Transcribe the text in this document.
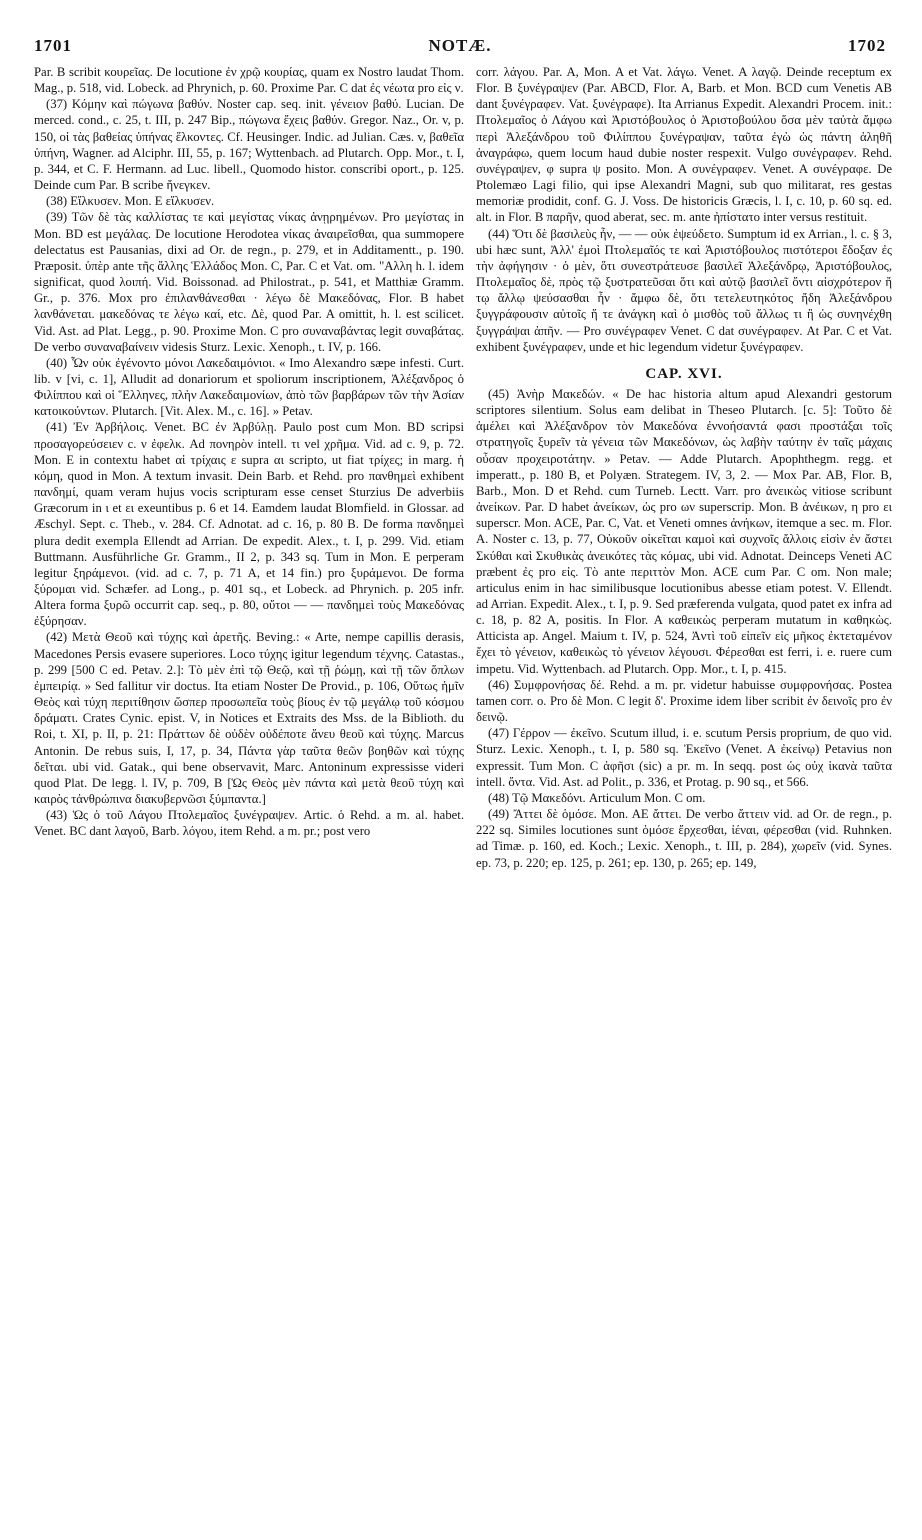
1701	NOTÆ.	1702

Par. B scribit κουρεῖας. De locutione ἐν χρῷ κουρίας, quam ex Nostro laudat Thom. Mag., p. 518, vid. Lobeck. ad Phrynich, p. 60. Proxime Par. C dat ἐς νέωτα pro εἰς ν.

(37) Κόμην καὶ πώγωνα βαθύν. Noster cap. seq. init. γένειον βαθύ. Lucian. De merced. cond., c. 25, t. III, p. 247 Bip., πώγωνα ἔχεις βαθύν. Gregor. Naz., Or. v, p. 150, οἱ τὰς βαθείας ὑπήνας ἕλκοντες. Cf. Heusinger. Indic. ad Julian. Cæs. v, βαθεῖα ὑπήνη, Wagner. ad Alciphr. III, 55, p. 167; Wyttenbach. ad Plutarch. Opp. Mor., t. I, p. 344, et C. F. Hermann. ad Luc. libell., Quomodo histor. conscribi oport., p. 125. Deinde cum Par. B scribe ἤνεγκεν.

(38) Εἵλκυσεν. Mon. E εἵλκυσεν.

(39) Τῶν δὲ τὰς καλλίστας τε καὶ μεγίστας νίκας ἀνῃρημένων. Pro μεγίστας in Mon. BD est μεγάλας. De locutione Herodotea νίκας ἀναιρεῖσθαι, qua summopere delectatus est Pausanias, dixi ad Or. de regn., p. 279, et in Additamentt., p. 190. Præposit. ὑπὲρ ante τῆς ἄλλης Ἑλλάδος Mon. C, Par. C et Vat. om. "Αλλη h. l. idem significat, quod λοιπή. Vid. Boissonad. ad Philostrat., p. 541, et Matthiæ Gramm. Gr., p. 376. Mox pro ἐπιλανθάνεσθαι · λέγω δὲ Μακεδόνας, Flor. B habet λανθάνεται. μακεδόνας τε λέγω καί, etc. Δὲ, quod Par. A omittit, h. l. est scilicet. Vid. Ast. ad Plat. Legg., p. 90. Proxime Mon. C pro συναναβάντας legit συναβάτας. De verbo συναναβαίνειν videsis Sturz. Lexic. Xenoph., t. IV, p. 166.

(40) Ὧν οὐκ ἐγένοντο μόνοι Λακεδαιμόνιοι. « Imo Alexandro sæpe infesti. Curt. lib. v [vi, c. 1], Alludit ad donariorum et spoliorum inscriptionem, Ἀλέξανδρος ὁ Φιλίππου καὶ οἱ Ἕλληνες, πλὴν Λακεδαιμονίων, ἀπὸ τῶν βαρβάρων τῶν τὴν Ἀσίαν κατοικούντων. Plutarch. [Vit. Alex. M., c. 16]. » Petav.

(41) Ἐν Ἀρβήλοις. Venet. BC ἐν Ἀρβύλῃ. Paulo post cum Mon. BD scripsi προσαγορεύσειεν c. ν ἐφελκ. Ad πονηρὸν intell. τι vel χρῆμα. Vid. ad c. 9, p. 72. Mon. E in contextu habet αἱ τρίχαις ε supra αι scripto, ut fiat τρίχες; in marg. ἡ κόμη, quod in Mon. A textum invasit. Dein Barb. et Rehd. pro πανθημεὶ exhibent πανδημί, quam veram hujus vocis scripturam esse censet Sturzius De adverbiis Græcorum in ι et ει exeuntibus p. 6 et 14. Eamdem laudat Blomfield. in Glossar. ad Æschyl. Sept. c. Theb., v. 284. Cf. Adnotat. ad c. 16, p. 80 B. De forma πανδημεὶ plura dedit exempla Ellendt ad Arrian. De expedit. Alex., t. I, p. 299. Vid. etiam Buttmann. Ausführliche Gr. Gramm., II 2, p. 343 sq. Tum in Mon. E perperam legitur ξηράμενοι. (vid. ad c. 7, p. 71 A, et 14 fin.) pro ξυράμενοι. De forma ξύρομαι vid. Schæfer. ad Long., p. 401 sq., et Lobeck. ad Phrynich. p. 205 infr. Altera forma ξυρῶ occurrit cap. seq., p. 80, οὔτοι — — πανδημεὶ τοὺς Μακεδόνας ἐξύρησαν.

(42) Μετὰ Θεοῦ καὶ τύχης καὶ ἀρετῆς. Beving.: « Arte, nempe capillis derasis, Macedones Persis evasere superiores. Loco τύχης igitur legendum τέχνης. Catastas., p. 299 [500 C ed. Petav. 2.]: Τὸ μὲν ἐπὶ τῷ Θεῷ, καὶ τῇ ῥώμῃ, καὶ τῇ τῶν ὅπλων ἐμπειρίᾳ. » Sed fallitur vir doctus. Ita etiam Noster De Provid., p. 106, Οὕτως ἡμῖν Θεὸς καὶ τύχη περιτίθησιν ὥσπερ προσωπεῖα τοὺς βίους ἐν τῷ μεγάλῳ τοῦ κόσμου δράματι. Crates Cynic. epist. V, in Notices et Extraits des Mss. de la Biblioth. du Roi, t. XI, p. II, p. 21: Πράττων δὲ οὐδὲν οὐδέποτε ἄνευ θεοῦ καὶ τύχης. Marcus Antonin. De rebus suis, I, 17, p. 34, Πάντα γὰρ ταῦτα θεῶν βοηθῶν καὶ τύχης δεῖται. ubi vid. Gatak., qui bene observavit, Marc. Antoninum expressisse videri quod Plat. De legg. l. IV, p. 709, B [Ὡς Θεὸς μὲν πάντα καὶ μετὰ θεοῦ τύχη καὶ καιρὸς τἀνθρώπινα διακυβερνῶσι ξύμπαντα.]

(43) Ὡς ὁ τοῦ Λάγου Πτολεμαῖος ξυνέγραψεν. Artic. ὁ Rehd. a m. al. habet. Venet. BC dant λαγοῦ, Barb. λόγου, item Rehd. a m. pr.; post vero

corr. λάγου. Par. A, Mon. A et Vat. λάγω. Venet. A λαγῷ. Deinde receptum ex Flor. B ξυνέγραψεν (Par. ABCD, Flor. A, Barb. et Mon. BCD cum Venetis AB dant ξυνέγραφεν. Vat. ξυνέγραφε). Ita Arrianus Expedit. Alexandri Procem. init.: Πτολεμαῖος ὁ Λάγου καὶ Ἀριστόβουλος ὁ Ἀριστοβούλου ὅσα μὲν ταὐτὰ ἄμφω περὶ Ἀλεξάνδρου τοῦ Φιλίππου ξυνέγραψαν, ταῦτα ἐγὼ ὡς πάντη ἀληθῆ ἀναγράφω, quem locum haud dubie noster respexit. Vulgo συνέγραφεν. Rehd. συνέγραψεν, φ supra ψ posito. Mon. A συνέγραφεν. Venet. A συνέγραφε. De Ptolemæo Lagi filio, qui ipse Alexandri Magni, sub quo militarat, res gestas memoriæ prodidit, conf. G. J. Voss. De historicis Græcis, l. I, c. 10, p. 60 sq. ed. alt. in Flor. B παρῆν, quod aberat, sec. m. ante ἠπίστατο inter versus restituit.

(44) Ὅτι δὲ βασιλεὺς ἦν, — — οὐκ ἐψεύδετο. Sumptum id ex Arrian., l. c. § 3, ubi hæc sunt, Ἀλλ' ἐμοὶ Πτολεμαῖός τε καὶ Ἀριστόβουλος πιστότεροι ἔδοξαν ἐς τὴν ἀφήγησιν · ὁ μὲν, ὅτι συνεστράτευσε βασιλεῖ Ἀλεξάνδρῳ, Ἀριστόβουλος, Πτολεμαῖος δὲ, πρὸς τῷ ξυστρατεῦσαι ὅτι καὶ αὐτῷ βασιλεῖ ὄντι αἰσχρότερον ἤ τῳ ἄλλῳ ψεύσασθαι ἦν · ἄμφω δὲ, ὅτι τετελευτηκότος ἤδη Ἀλεξάνδρου ξυγγράφουσιν αὐτοῖς ἥ τε ἀνάγκη καὶ ὁ μισθὸς τοῦ ἄλλως τι ἢ ὡς συνηνέχθη ξυγγράψαι ἀπῆν. — Pro συνέγραφεν Venet. C dat συνέγραφεν. At Par. C et Vat. exhibent ξυνέγραφεν, unde et hic legendum videtur ξυνέγραφεν.

CAP. XVI.

(45) Ἀνὴρ Μακεδών. « De hac historia altum apud Alexandri gestorum scriptores silentium. Solus eam delibat in Theseo Plutarch. [c. 5]: Τοῦτο δὲ ἀμέλει καὶ Ἀλέξανδρον τὸν Μακεδόνα ἐννοήσαντά φασι προστάξαι τοῖς στρατηγοῖς ξυρεῖν τὰ γένεια τῶν Μακεδόνων, ὡς λαβὴν ταύτην ἐν ταῖς μάχαις οὖσαν προχειροτάτην. » Petav. — Adde Plutarch. Apophthegm. regg. et imperatt., p. 180 B, et Polyæn. Strategem. IV, 3, 2. — Mox Par. AB, Flor. B, Barb., Mon. D et Rehd. cum Turneb. Lectt. Varr. pro ἀνεικὼς vitiose scribunt ἀνείκων. Par. D habet ἀνείκων, ὡς pro ων superscrip. Mon. B ἀνέικων, η pro ει superscr. Mon. ACE, Par. C, Vat. et Veneti omnes ἀνήκων, itemque a sec. m. Flor. A. Noster c. 13, p. 77, Οὐκοῦν οἰκεῖται καμοὶ καὶ συχνοῖς ἄλλοις εἰσὶν ἐν ἄστει Σκύθαι καὶ Σκυθικὰς ἀνεικότες τὰς κόμας, ubi vid. Adnotat. Deinceps Veneti AC præbent ἐς pro εἰς. Tὸ ante περιττὸν Mon. ACE cum Par. C om. Non male; articulus enim in hac similibusque locutionibus abesse etiam potest. V. Ellendt. ad Arrian. Expedit. Alex., t. I, p. 9. Sed præferenda vulgata, quod patet ex infra ad c. 18, p. 82 A, positis. In Flor. A καθεικὼς perperam mutatum in καθηκὼς. Atticista ap. Angel. Maium t. IV, p. 524, Ἀντὶ τοῦ εἰπεῖν εἰς μῆκος ἐκτεταμένον ἔχει τὸ γένειον, καθεικὼς τὸ γένειον λέγουσι. Φέρεσθαι est ferri, i. e. ruere cum impetu. Vid. Wyttenbach. ad Plutarch. Opp. Mor., t. I, p. 415.

(46) Συμφρονήσας δέ. Rehd. a m. pr. videtur habuisse συμφρονήσας. Postea tamen corr. o. Pro δὲ Mon. C legit δ'. Proxime idem liber scribit ἐν δεινοῖς pro ἐν δεινῷ.

(47) Γέρρον — ἐκεῖνο. Scutum illud, i. e. scutum Persis proprium, de quo vid. Sturz. Lexic. Xenoph., t. I, p. 580 sq. Ἐκεῖνο (Venet. A ἐκείνῳ) Petavius non expressit. Tum Mon. C ἀφῆσι (sic) a pr. m. In seqq. post ὡς οὐχ ἱκανὰ ταῦτα intell. ὄντα. Vid. Ast. ad Polit., p. 336, et Protag. p. 90 sq., et 566.

(48) Τῷ Μακεδόνι. Articulum Mon. C om.

(49) Ἄττει δὲ ὁμόσε. Mon. AE ἄττει. De verbo ἄττειν vid. ad Or. de regn., p. 222 sq. Similes locutiones sunt ὁμόσε ἔρχεσθαι, ἰέναι, φέρεσθαι (vid. Ruhnken. ad Timæ. p. 160, ed. Koch.; Lexic. Xenoph., t. III, p. 284), χωρεῖν (vid. Synes. ep. 73, p. 220; ep. 125, p. 261; ep. 130, p. 265; ep. 149,
